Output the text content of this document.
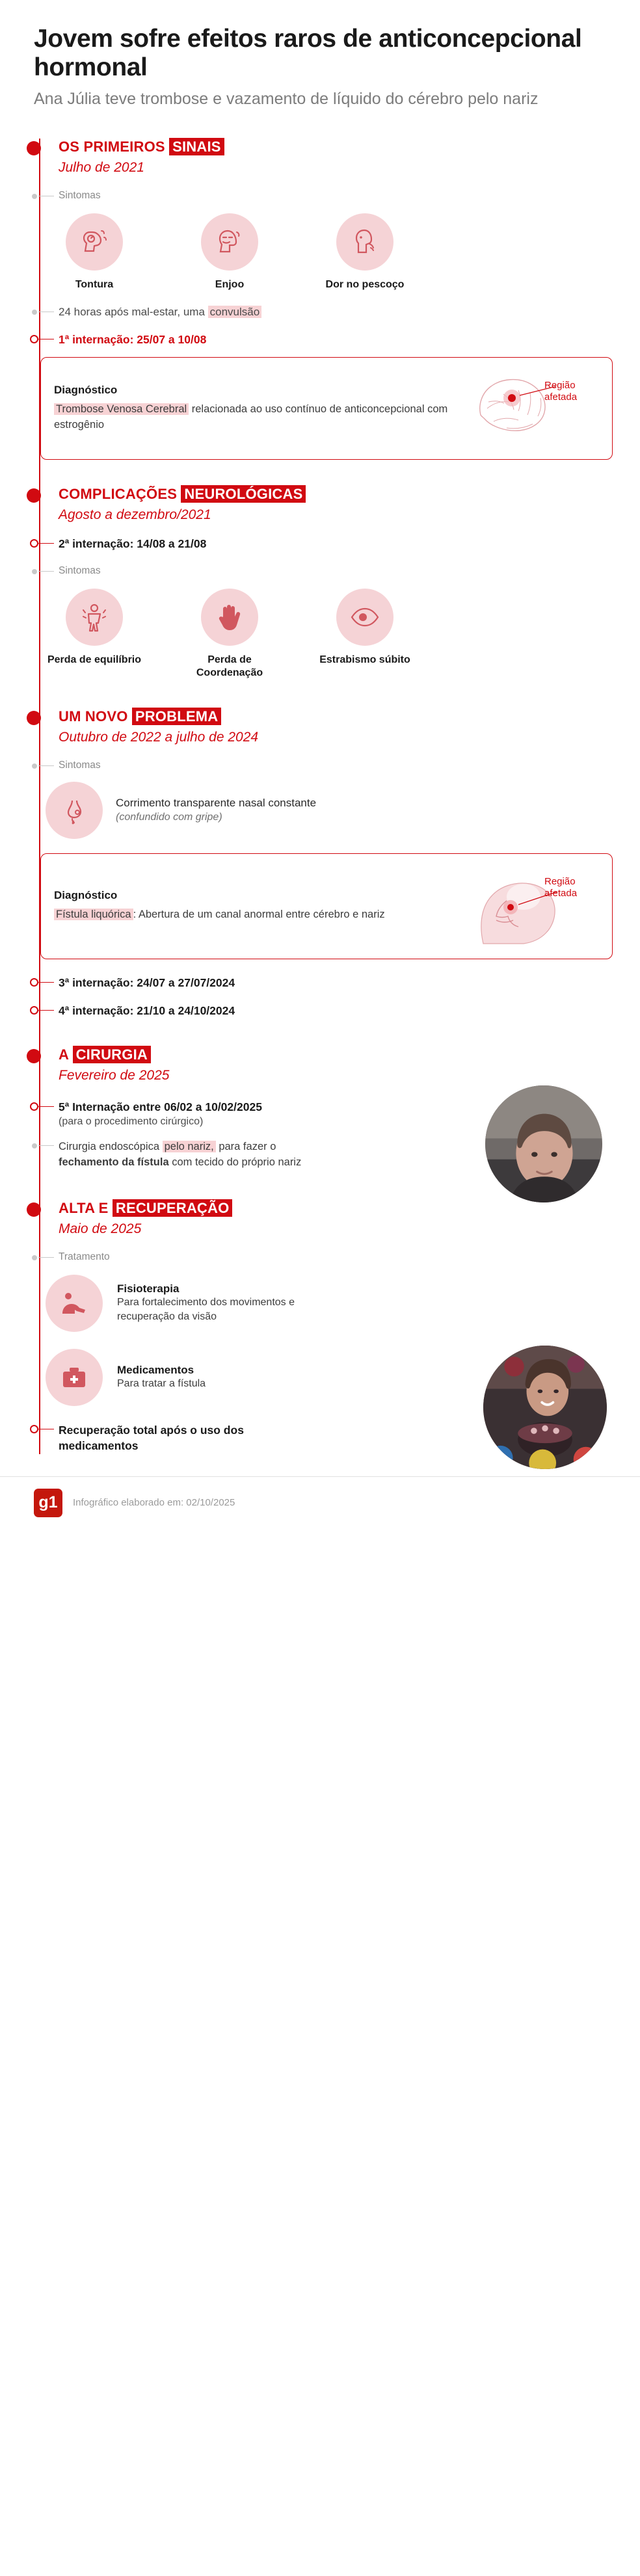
Jovem sofre efeitos raros de anticoncepcional hormonal
Ana Júlia teve trombose e vazamento de líquido do cérebro pelo nariz
OS PRIMEIROS SINAIS
Julho de 2021
Sintomas
Tontura	Enjoo	Dor no pescoço
24 horas após mal-estar, uma convulsão
1ª internação: 25/07 a 10/08
Diagnóstico
Trombose Venosa Cerebral relacionada ao uso contínuo de anticoncepcional com estrogênio
Região afetada
COMPLICAÇÕES NEUROLÓGICAS
Agosto a dezembro/2021
2ª internação: 14/08 a 21/08
Sintomas
Perda de equilíbrio	Perda de Coordenação
Estrabismo súbito
UM NOVO PROBLEMA
Outubro de 2022 a julho de 2024
Sintomas
Corrimento transparente nasal constante
(confundido com gripe)
Diagnóstico
Fístula liquórica : Abertura de um canal anormal entre cérebro e nariz
Região afetada
3ª internação: 24/07 a 27/07/2024
4ª internação: 21/10 a 24/10/2024
A CIRURGIA
Fevereiro de 2025
5ª Internação entre 06/02 a 10/02/2025
(para o procedimento cirúrgico)
Cirurgia endoscópica pelo nariz, para fazer o fechamento da fístula com tecido do próprio nariz
ALTA E RECUPERAÇÃO
Maio de 2025
Tratamento
Fisioterapia
Para fortalecimento dos movimentos e recuperação da visão
Medicamentos
Para tratar a fístula
Recuperação total após o uso dos medicamentos
g1	Infográfico elaborado em: 02/10/2025
